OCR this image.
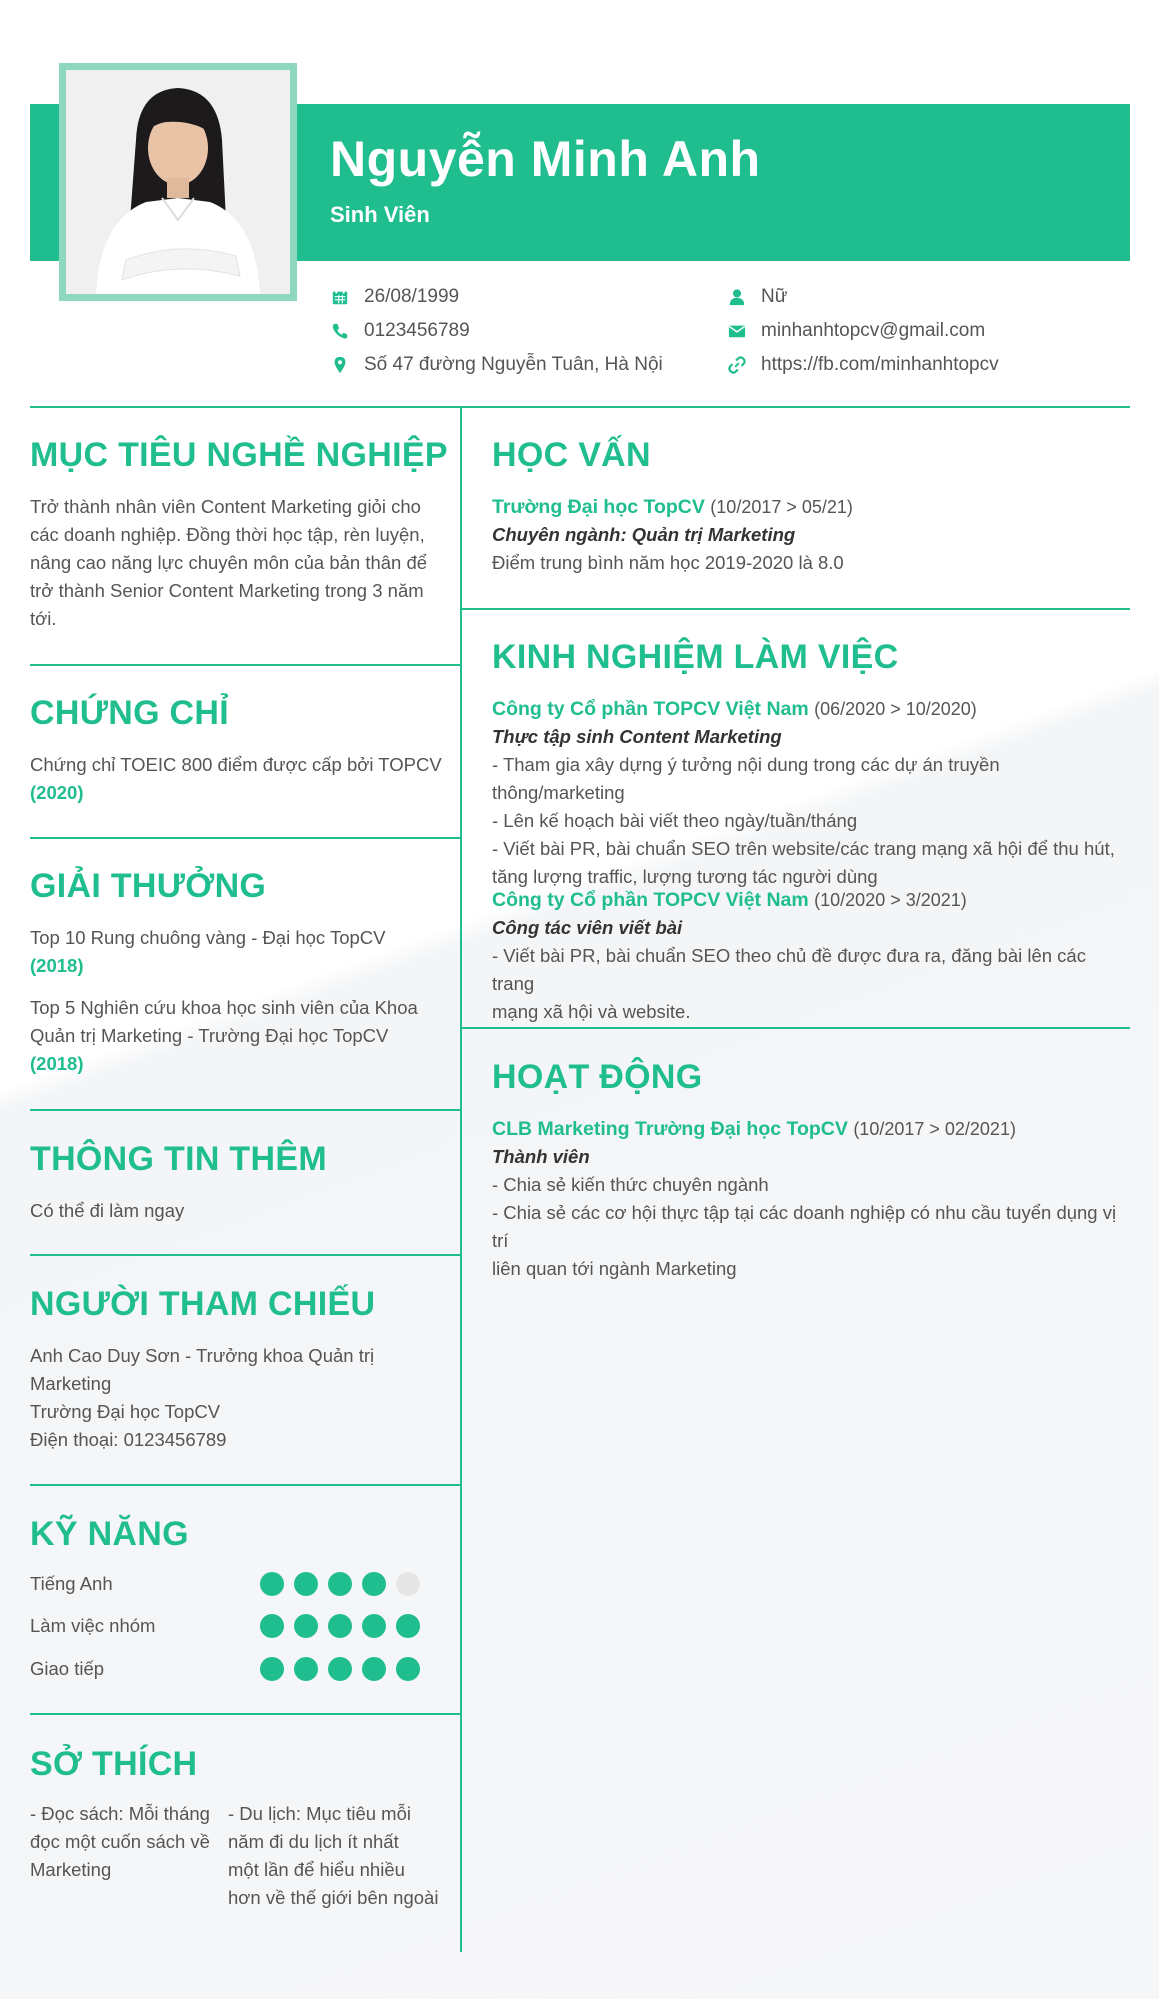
Nguyễn Minh Anh
Sinh Viên
26/08/1999
0123456789
Số 47 đường Nguyễn Tuân, Hà Nội
Nữ
minhanhtopcv@gmail.com
https://fb.com/minhanhtopcv
MỤC TIÊU NGHỀ NGHIỆP
Trở thành nhân viên Content Marketing giỏi cho
các doanh nghiệp. Đồng thời học tập, rèn luyện,
nâng cao năng lực chuyên môn của bản thân để
trở thành Senior Content Marketing trong 3 năm
tới.
CHỨNG CHỈ
Chứng chỉ TOEIC 800 điểm được cấp bởi TOPCV
(2020)
GIẢI THƯỞNG
Top 10 Rung chuông vàng - Đại học TopCV
(2018)
Top 5 Nghiên cứu khoa học sinh viên của Khoa
Quản trị Marketing - Trường Đại học TopCV
(2018)
THÔNG TIN THÊM
Có thể đi làm ngay
NGƯỜI THAM CHIẾU
Anh Cao Duy Sơn - Trưởng khoa Quản trị
Marketing
Trường Đại học TopCV
Điện thoại: 0123456789
KỸ NĂNG
Tiếng Anh
Làm việc nhóm
Giao tiếp
SỞ THÍCH
- Đọc sách: Mỗi tháng
đọc một cuốn sách về
Marketing
- Du lịch: Mục tiêu mỗi
năm đi du lịch ít nhất
một lần để hiểu nhiều
hơn về thế giới bên ngoài
HỌC VẤN
Trường Đại học TopCV (10/2017 > 05/21)
Chuyên ngành: Quản trị Marketing
Điểm trung bình năm học 2019-2020 là 8.0
KINH NGHIỆM LÀM VIỆC
Công ty Cổ phần TOPCV Việt Nam (06/2020 > 10/2020)
Thực tập sinh Content Marketing
- Tham gia xây dựng ý tưởng nội dung trong các dự án truyền thông/marketing
- Lên kế hoạch bài viết theo ngày/tuần/tháng
- Viết bài PR, bài chuẩn SEO trên website/các trang mạng xã hội để thu hút,
tăng lượng traffic, lượng tương tác người dùng
Công ty Cổ phần TOPCV Việt Nam (10/2020 > 3/2021)
Công tác viên viết bài
- Viết bài PR, bài chuẩn SEO theo chủ đề được đưa ra, đăng bài lên các trang
mạng xã hội và website.
HOẠT ĐỘNG
CLB Marketing Trường Đại học TopCV (10/2017 > 02/2021)
Thành viên
- Chia sẻ kiến thức chuyên ngành
- Chia sẻ các cơ hội thực tập tại các doanh nghiệp có nhu cầu tuyển dụng vị trí
liên quan tới ngành Marketing
